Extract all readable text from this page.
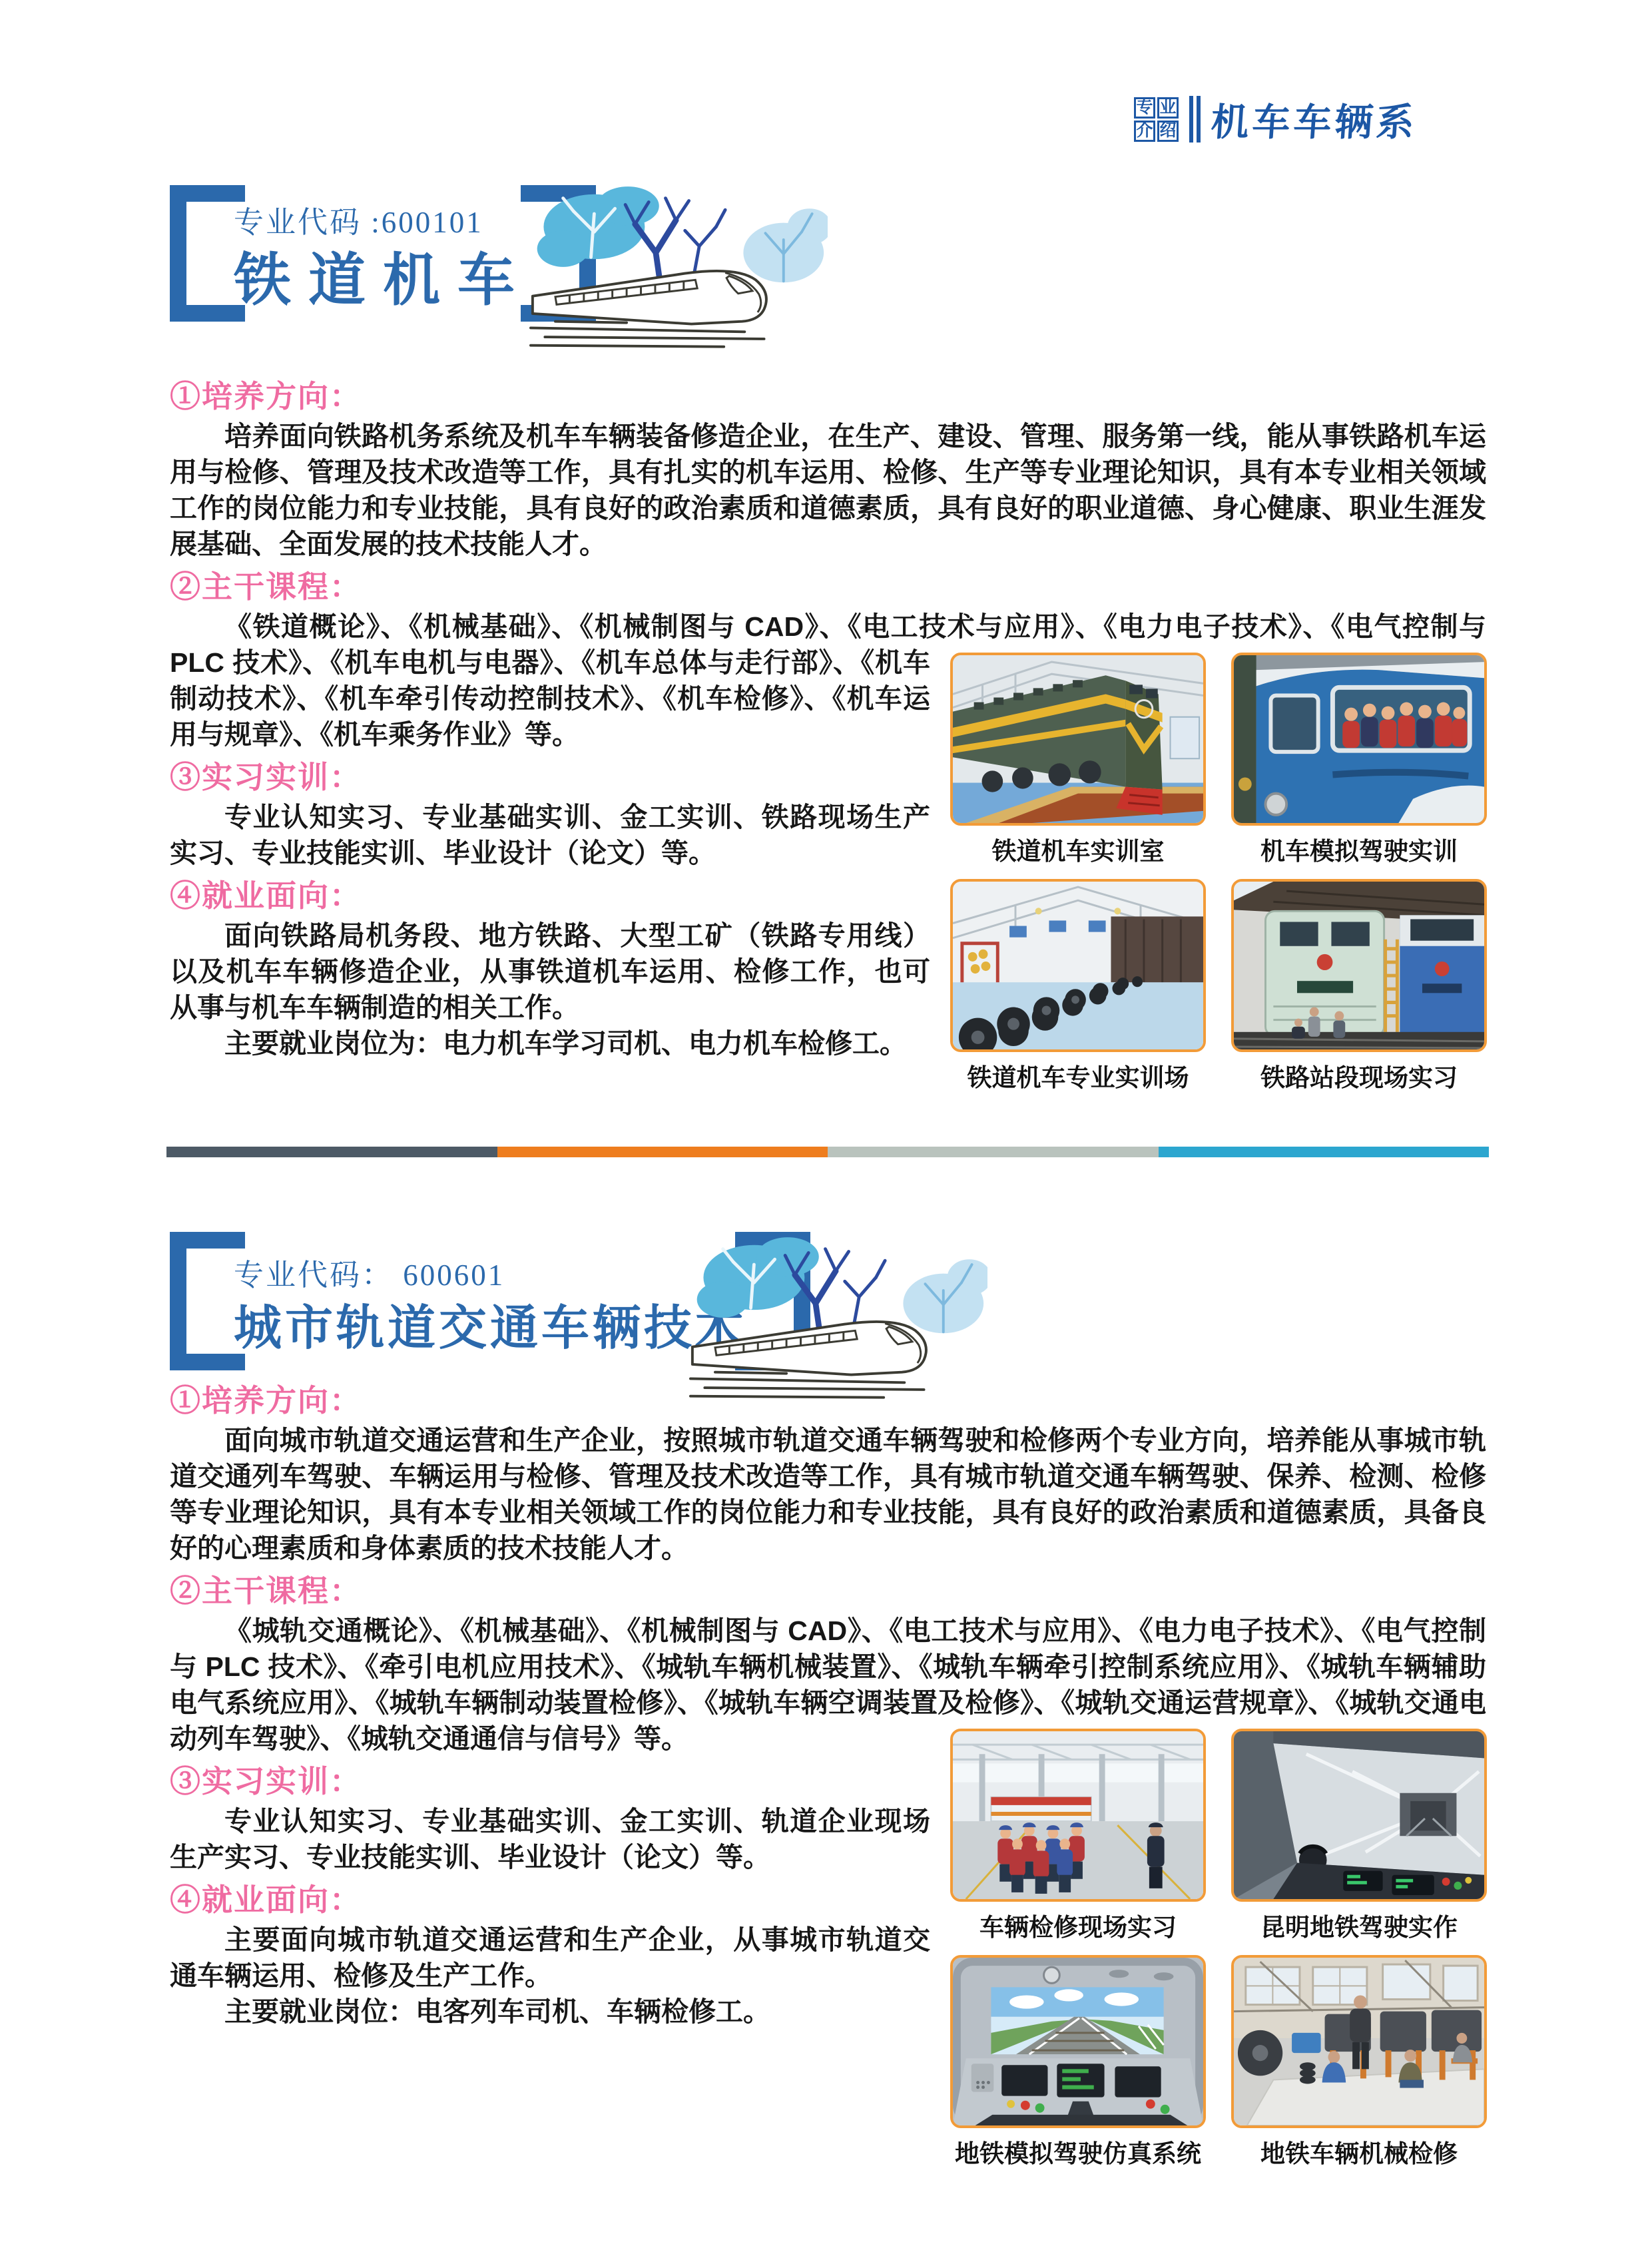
专 业
介 绍 机车车辆系
专业代码 :600101
铁道机车
铁道机车实训室	机车模拟驾驶实训
铁道机车专业实训场	铁路站段现场实习
①培养方向：

培养面向铁路机务系统及机车车辆装备修造企业，在生产、建设、管理、服务第一线，能从事铁路机车运用与检修、管理及技术改造等工作，具有扎实的机车运用、检修、生产等专业理论知识，具有本专业相关领域工作的岗位能力和专业技能，具有良好的政治素质和道德素质，具有良好的职业道德、身心健康、职业生涯发展基础、全面发展的技术技能人才。

②主干课程：

《铁道概论》、《机械基础》、《机械制图与 CAD》、《电工技术与应用》、《电力电子技术》、《电气控制与 PLC 技术》、《机车电机与电器》、《机车总体与走行部》、《机车制动技术》、《机车牵引传动控制技术》、《机车检修》、《机车运用与规章》、《机车乘务作业》等。

③实习实训：

专业认知实习、专业基础实训、金工实训、铁路现场生产实习、专业技能实训、毕业设计（论文）等。

④就业面向：

面向铁路局机务段、地方铁路、大型工矿（铁路专用线）以及机车车辆修造企业，从事铁道机车运用、检修工作，也可从事与机车车辆制造的相关工作。

主要就业岗位为：电力机车学习司机、电力机车检修工。

专业代码： 600601
城市轨道交通车辆技术
车辆检修现场实习	昆明地铁驾驶实作
地铁模拟驾驶仿真系统	地铁车辆机械检修
①培养方向：

面向城市轨道交通运营和生产企业，按照城市轨道交通车辆驾驶和检修两个专业方向，培养能从事城市轨道交通列车驾驶、车辆运用与检修、管理及技术改造等工作，具有城市轨道交通车辆驾驶、保养、检测、检修等专业理论知识，具有本专业相关领域工作的岗位能力和专业技能，具有良好的政治素质和道德素质，具备良好的心理素质和身体素质的技术技能人才。

②主干课程：

《城轨交通概论》、《机械基础》、《机械制图与 CAD》、《电工技术与应用》、《电力电子技术》、《电气控制与 PLC 技术》、《牵引电机应用技术》、《城轨车辆机械装置》、《城轨车辆牵引控制系统应用》、《城轨车辆辅助电气系统应用》、《城轨车辆制动装置检修》、《城轨车辆空调装置及检修》、《城轨交通运营规章》、《城轨交通电动列车驾驶》、《城轨交通通信与信号》等。

③实习实训：

专业认知实习、专业基础实训、金工实训、轨道企业现场生产实习、专业技能实训、毕业设计（论文）等。

④就业面向：

主要面向城市轨道交通运营和生产企业，从事城市轨道交通车辆运用、检修及生产工作。

主要就业岗位：电客列车司机、车辆检修工。
